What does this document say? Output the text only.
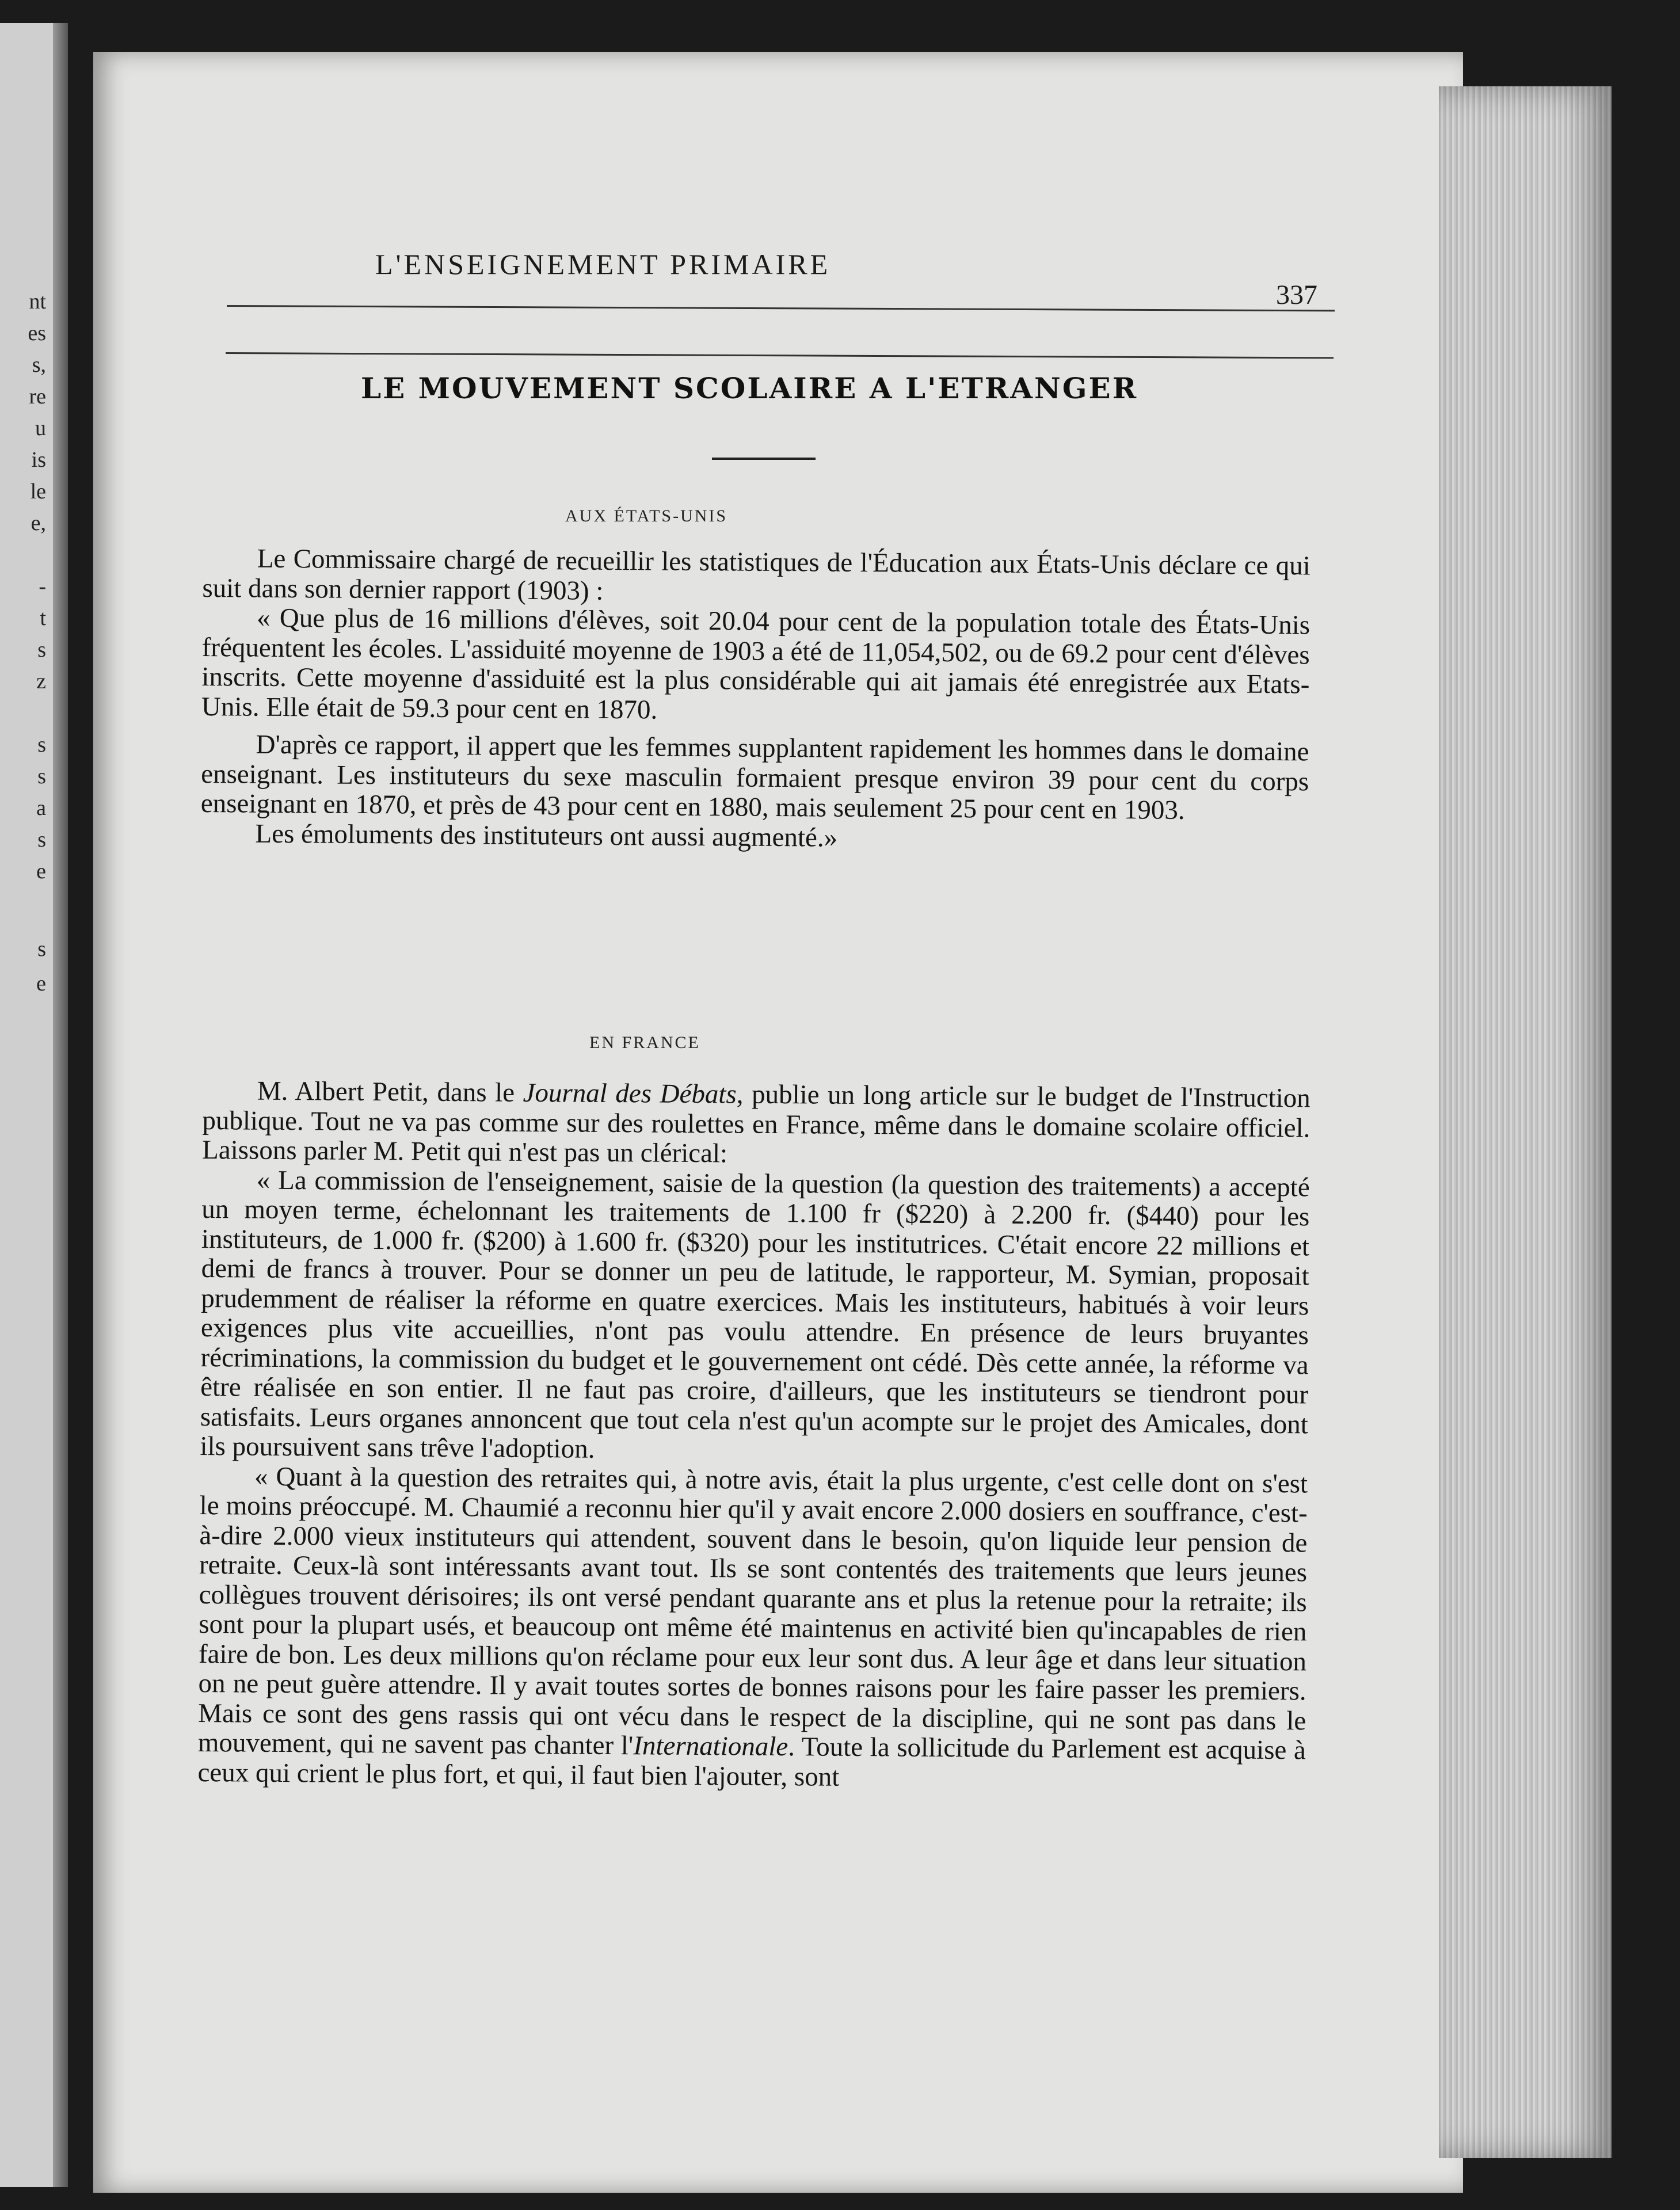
nt
es
s,
re
u
is
le
e,
-
t
s
z
s
s
a
s
e
s
e
L'ENSEIGNEMENT PRIMAIRE
337
LE MOUVEMENT SCOLAIRE A L'ETRANGER
AUX ÉTATS-UNIS

Le Commissaire chargé de recueillir les statistiques de l'Éducation aux États-Unis déclare ce qui suit dans son dernier rapport (1903) :

« Que plus de 16 millions d'élèves, soit 20.04 pour cent de la population totale des États-Unis fréquentent les écoles. L'assiduité moyenne de 1903 a été de 11,054,502, ou de 69.2 pour cent d'élèves inscrits. Cette moyenne d'assiduité est la plus considérable qui ait jamais été enregistrée aux Etats-Unis. Elle était de 59.3 pour cent en 1870.

D'après ce rapport, il appert que les femmes supplantent rapidement les hommes dans le domaine enseignant. Les instituteurs du sexe masculin formaient presque environ 39 pour cent du corps enseignant en 1870, et près de 43 pour cent en 1880, mais seulement 25 pour cent en 1903.

Les émoluments des instituteurs ont aussi augmenté.»

EN FRANCE

M. Albert Petit, dans le Journal des Débats, publie un long article sur le budget de l'Instruction publique. Tout ne va pas comme sur des roulettes en France, même dans le domaine scolaire officiel. Laissons parler M. Petit qui n'est pas un clérical:

« La commission de l'enseignement, saisie de la question (la question des traitements) a accepté un moyen terme, échelonnant les traitements de 1.100 fr ($220) à 2.200 fr. ($440) pour les instituteurs, de 1.000 fr. ($200) à 1.600 fr. ($320) pour les institutrices. C'était encore 22 millions et demi de francs à trouver. Pour se donner un peu de latitude, le rapporteur, M. Symian, proposait prudemment de réaliser la réforme en quatre exercices. Mais les instituteurs, habitués à voir leurs exigences plus vite accueillies, n'ont pas voulu attendre. En présence de leurs bruyantes récriminations, la commission du budget et le gouvernement ont cédé. Dès cette année, la réforme va être réalisée en son entier. Il ne faut pas croire, d'ailleurs, que les instituteurs se tiendront pour satisfaits. Leurs organes annoncent que tout cela n'est qu'un acompte sur le projet des Amicales, dont ils poursuivent sans trêve l'adoption.

« Quant à la question des retraites qui, à notre avis, était la plus urgente, c'est celle dont on s'est le moins préoccupé. M. Chaumié a reconnu hier qu'il y avait encore 2.000 dosiers en souffrance, c'est-à-dire 2.000 vieux instituteurs qui attendent, souvent dans le besoin, qu'on liquide leur pension de retraite. Ceux-là sont intéressants avant tout. Ils se sont contentés des traitements que leurs jeunes collègues trouvent dérisoires; ils ont versé pendant quarante ans et plus la retenue pour la retraite; ils sont pour la plupart usés, et beaucoup ont même été maintenus en activité bien qu'incapables de rien faire de bon. Les deux millions qu'on réclame pour eux leur sont dus. A leur âge et dans leur situation on ne peut guère attendre. Il y avait toutes sortes de bonnes raisons pour les faire passer les premiers. Mais ce sont des gens rassis qui ont vécu dans le respect de la discipline, qui ne sont pas dans le mouvement, qui ne savent pas chanter l'Internationale. Toute la sollicitude du Parlement est acquise à ceux qui crient le plus fort, et qui, il faut bien l'ajouter, sont
